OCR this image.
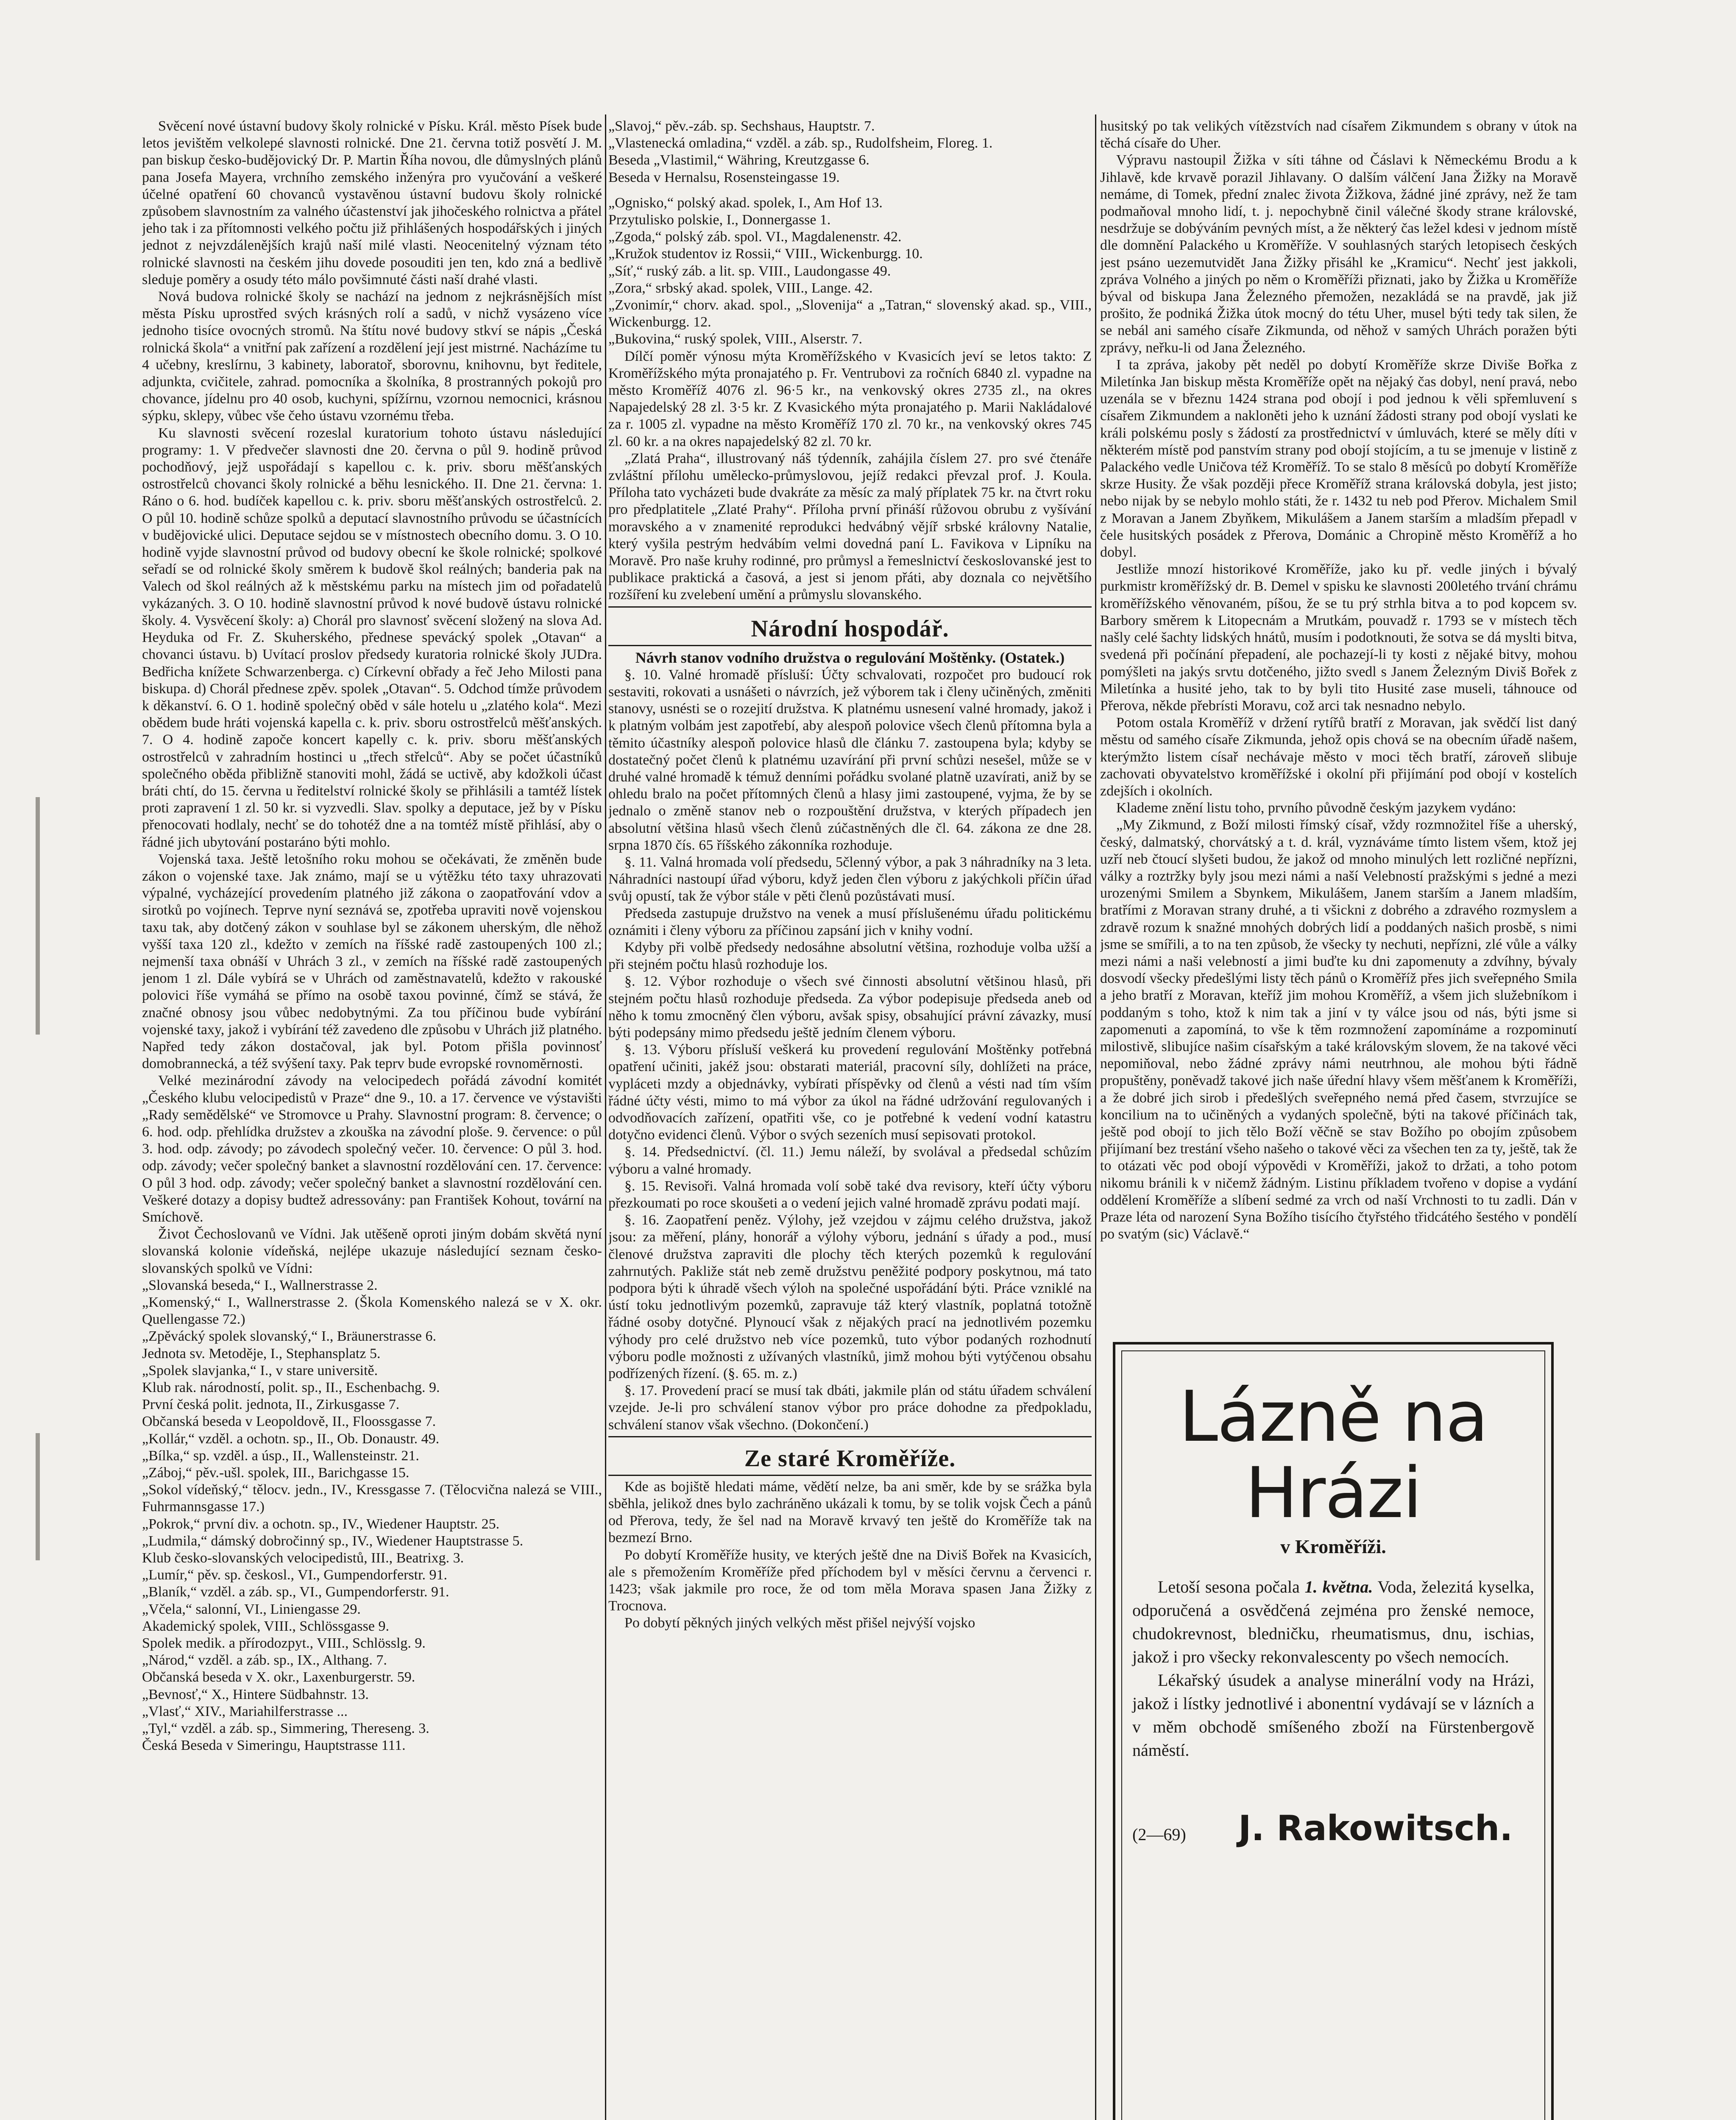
Svěcení nové ústavní budovy školy rolnické v Písku. Král. město Písek bude letos jevištěm velkolepé slavnosti rolnické. Dne 21. června totiž posvětí J. M. pan biskup česko-budějovický Dr. P. Martin Říha novou, dle důmyslných plánů pana Josefa Mayera, vrchního zemského inženýra pro vyučování a veškeré účelné opatření 60 chovanců vystavěnou ústavní budovu školy rolnické způsobem slavnostním za valného účastenství jak jihočeského rolnictva a přátel jeho tak i za přítomnosti velkého počtu již přihlášených hospodářských i jiných jednot z nejvzdálenějších krajů naší milé vlasti. Neocenitelný význam této rolnické slavnosti na českém jihu dovede posouditi jen ten, kdo zná a bedlivě sleduje poměry a osudy této málo povšimnuté části naší drahé vlasti.

Nová budova rolnické školy se nachází na jednom z nejkrásnějších míst města Písku uprostřed svých krásných rolí a sadů, v nichž vysázeno více jednoho tisíce ovocných stromů. Na štítu nové budovy stkví se nápis „Česká rolnická škola“ a vnitřní pak zařízení a rozdělení její jest mistrné. Nacházíme tu 4 učebny, kreslírnu, 3 kabinety, laboratoř, sborovnu, knihovnu, byt ředitele, adjunkta, cvičitele, zahrad. pomocníka a školníka, 8 prostranných pokojů pro chovance, jídelnu pro 40 osob, kuchyni, spížírnu, vzornou nemocnici, krásnou sýpku, sklepy, vůbec vše čeho ústavu vzornému třeba.

Ku slavnosti svěcení rozeslal kuratorium tohoto ústavu následující programy: 1. V předvečer slavnosti dne 20. června o půl 9. hodině průvod pochodňový, jejž uspořádají s kapellou c. k. priv. sboru měšťanských ostrostřelců chovanci školy rolnické a běhu lesnického. II. Dne 21. června: 1. Ráno o 6. hod. budíček kapellou c. k. priv. sboru měšťanských ostrostřelců. 2. O půl 10. hodině schůze spolků a deputací slavnostního průvodu se účastnících v budějovické ulici. Deputace sejdou se v místnostech obecního domu. 3. O 10. hodině vyjde slavnostní průvod od budovy obecní ke škole rolnické; spolkové seřadí se od rolnické školy směrem k budově škol reálných; banderia pak na Valech od škol reálných až k městskému parku na místech jim od pořadatelů vykázaných. 3. O 10. hodině slavnostní průvod k nové budově ústavu rolnické školy. 4. Vysvěcení školy: a) Chorál pro slavnosť svěcení složený na slova Ad. Heyduka od Fr. Z. Skuherského, přednese spevácký spolek „Otavan“ a chovanci ústavu. b) Uvítací proslov předsedy kuratoria rolnické školy JUDra. Bedřicha knížete Schwarzenberga. c) Církevní obřady a řeč Jeho Milosti pana biskupa. d) Chorál přednese zpěv. spolek „Otavan“. 5. Odchod tímže průvodem k děkanství. 6. O 1. hodině společný oběd v sále hotelu u „zlatého kola“. Mezi obědem bude hráti vojenská kapella c. k. priv. sboru ostrostřelců měšťanských. 7. O 4. hodině započe koncert kapelly c. k. priv. sboru měšťanských ostrostřelců v zahradním hostinci u „třech střelců“. Aby se počet účastníků společného oběda přibližně stanoviti mohl, žádá se uctivě, aby kdožkoli účast bráti chtí, do 15. června u ředitelství rolnické školy se přihlásili a tamtéž lístek proti zapravení 1 zl. 50 kr. si vyzvedli. Slav. spolky a deputace, jež by v Písku přenocovati hodlaly, nechť se do tohotéž dne a na tomtéž místě přihlásí, aby o řádné jich ubytování postaráno býti mohlo.

Vojenská taxa. Ještě letošního roku mohou se očekávati, že změněn bude zákon o vojenské taxe. Jak známo, mají se u výtěžku této taxy uhrazovati výpalné, vycházející provedením platného již zákona o zaopatřování vdov a sirotků po vojínech. Teprve nyní seznává se, zpotřeba upraviti nově vojenskou taxu tak, aby dotčený zákon v souhlase byl se zákonem uherským, dle něhož vyšší taxa 120 zl., kdežto v zemích na říšské radě zastoupených 100 zl.; nejmenší taxa obnáší v Uhrách 3 zl., v zemích na říšské radě zastoupených jenom 1 zl. Dále vybírá se v Uhrách od zaměstnavatelů, kdežto v rakouské polovici říše vymáhá se přímo na osobě taxou povinné, čímž se stává, že značné obnosy jsou vůbec nedobytnými. Za tou příčinou bude vybírání vojenské taxy, jakož i vybírání též zavedeno dle způsobu v Uhrách již platného. Napřed tedy zákon dostačoval, jak byl. Potom přišla povinnosť domobrannecká, a též svýšení taxy. Pak teprv bude evropské rovnoměrnosti.

Velké mezinárodní závody na velocipedech pořádá závodní komitét „Českého klubu velocipedistů v Praze“ dne 9., 10. a 17. července ve výstavišti „Rady semědělské“ ve Stromovce u Prahy. Slavnostní program: 8. července; o 6. hod. odp. přehlídka družstev a zkouška na závodní ploše. 9. července: o půl 3. hod. odp. závody; po závodech společný večer. 10. července: O půl 3. hod. odp. závody; večer společný banket a slavnostní rozdělování cen. 17. července: O půl 3 hod. odp. závody; večer společný banket a slavnostní rozdělování cen. Veškeré dotazy a dopisy budtež adressovány: pan František Kohout, tovární na Smíchově.

Život Čechoslovanů ve Vídni. Jak utěšeně oproti jiným dobám skvětá nyní slovanská kolonie vídeňská, nejlépe ukazuje následující seznam česko-slovanských spolků ve Vídni:

„Slovanská beseda,“ I., Wallnerstrasse 2.
„Komenský,“ I., Wallnerstrasse 2. (Škola Komenského nalezá se v X. okr. Quellengasse 72.)
„Zpěvácký spolek slovanský,“ I., Bräunerstrasse 6.
Jednota sv. Metoděje, I., Stephansplatz 5.
„Spolek slavjanka,“ I., v stare universitě.
Klub rak. národností, polit. sp., II., Eschenbachg. 9.
První česká polit. jednota, II., Zirkusgasse 7.
Občanská beseda v Leopoldově, II., Floossgasse 7.
„Kollár,“ vzděl. a ochotn. sp., II., Ob. Donaustr. 49.
„Bílka,“ sp. vzděl. a úsp., II., Wallensteinstr. 21.
„Záboj,“ pěv.-ušl. spolek, III., Barichgasse 15.
„Sokol vídeňský,“ tělocv. jedn., IV., Kressgasse 7. (Tělocvična nalezá se VIII., Fuhrmannsgasse 17.)
„Pokrok,“ první div. a ochotn. sp., IV., Wiedener Hauptstr. 25.
„Ludmila,“ dámský dobročinný sp., IV., Wiedener Hauptstrasse 5.
Klub česko-slovanských velocipedistů, III., Beatrixg. 3.
„Lumír,“ pěv. sp. českosl., VI., Gumpendorferstr. 91.
„Blaník,“ vzděl. a záb. sp., VI., Gumpendorferstr. 91.
„Včela,“ salonní, VI., Liniengasse 29.
Akademický spolek, VIII., Schlössgasse 9.
Spolek medik. a přírodozpyt., VIII., Schlösslg. 9.
„Národ,“ vzděl. a záb. sp., IX., Althang. 7.
Občanská beseda v X. okr., Laxenburgerstr. 59.
„Bevnosť,“ X., Hintere Südbahnstr. 13.
„Vlasť,“ XIV., Mariahilferstrasse ...
„Tyl,“ vzděl. a záb. sp., Simmering, Thereseng. 3.
Česká Beseda v Simeringu, Hauptstrasse 111.
„Slavoj,“ pěv.-záb. sp. Sechshaus, Hauptstr. 7.
„Vlastenecká omladina,“ vzděl. a záb. sp., Rudolfsheim, Floreg. 1.
Beseda „Vlastimil,“ Währing, Kreutzgasse 6.
Beseda v Hernalsu, Rosensteingasse 19.
„Ognisko,“ polský akad. spolek, I., Am Hof 13.
Przytulisko polskie, I., Donnergasse 1.
„Zgoda,“ polský záb. spol. VI., Magdalenenstr. 42.
„Kružok studentov iz Rossii,“ VIII., Wickenburgg. 10.
„Síť,“ ruský záb. a lit. sp. VIII., Laudongasse 49.
„Zora,“ srbský akad. spolek, VIII., Lange. 42.
„Zvonimír,“ chorv. akad. spol., „Slovenija“ a „Tatran,“ slovenský akad. sp., VIII., Wickenburgg. 12.
„Bukovina,“ ruský spolek, VIII., Alserstr. 7.

Dílčí poměr výnosu mýta Kroměřížského v Kvasicích jeví se letos takto: Z Kroměřížského mýta pronajatého p. Fr. Ventrubovi za ročních 6840 zl. vypadne na město Kroměříž 4076 zl. 96·5 kr., na venkovský okres 2735 zl., na okres Napajedelský 28 zl. 3·5 kr. Z Kvasického mýta pronajatého p. Marii Nakládalové za r. 1005 zl. vypadne na město Kroměříž 170 zl. 70 kr., na venkovský okres 745 zl. 60 kr. a na okres napajedelský 82 zl. 70 kr.

„Zlatá Praha“, illustrovaný náš týdenník, zahájila číslem 27. pro své čtenáře zvláštní přílohu umělecko-průmyslovou, jejíž redakci převzal prof. J. Koula. Příloha tato vycházeti bude dvakráte za měsíc za malý příplatek 75 kr. na čtvrt roku pro předplatitele „Zlaté Prahy“. Příloha první přináší růžovou obrubu z vyšívání moravského a v znamenité reprodukci hedvábný vějíř srbské královny Natalie, který vyšila pestrým hedvábím velmi dovedná paní L. Favikova v Lipníku na Moravě. Pro naše kruhy rodinné, pro průmysl a řemeslnictví českoslovanské jest to publikace praktická a časová, a jest si jenom přáti, aby doznala co největšího rozšíření ku zvelebení umění a průmyslu slovanského.

Národní hospodář.
Návrh stanov vodního družstva o regulování Moštěnky. (Ostatek.)

§. 10. Valné hromadě přísluší: Účty schvalovati, rozpočet pro budoucí rok sestaviti, rokovati a usnášeti o návrzích, jež výborem tak i členy učiněných, změniti stanovy, usnésti se o rozejití družstva. K platnému usnesení valné hromady, jakož i k platným volbám jest zapotřebí, aby alespoň polovice všech členů přítomna byla a těmito účastníky alespoň polovice hlasů dle článku 7. zastoupena byla; kdyby se dostatečný počet členů k platnému uzavírání při první schůzi nesešel, může se v druhé valné hromadě k témuž denními pořádku svolané platně uzavírati, aniž by se ohledu bralo na počet přítomných členů a hlasy jimi zastoupené, vyjma, že by se jednalo o změně stanov neb o rozpouštění družstva, v kterých případech jen absolutní většina hlasů všech členů zúčastněných dle čl. 64. zákona ze dne 28. srpna 1870 čís. 65 říšského zákonníka rozhoduje.

§. 11. Valná hromada volí předsedu, 5členný výbor, a pak 3 náhradníky na 3 leta. Náhradníci nastoupí úřad výboru, když jeden člen výboru z jakýchkoli příčin úřad svůj opustí, tak že výbor stále v pěti členů pozůstávati musí.

Předseda zastupuje družstvo na venek a musí příslušenému úřadu politickému oznámiti i členy výboru za příčinou zapsání jich v knihy vodní.

Kdyby při volbě předsedy nedosáhne absolutní většina, rozhoduje volba užší a při stejném počtu hlasů rozhoduje los.

§. 12. Výbor rozhoduje o všech své činnosti absolutní většinou hlasů, při stejném počtu hlasů rozhoduje předseda. Za výbor podepisuje předseda aneb od něho k tomu zmocněný člen výboru, avšak spisy, obsahující právní závazky, musí býti podepsány mimo předsedu ještě jedním členem výboru.

§. 13. Výboru přísluší veškerá ku provedení regulování Moštěnky potřebná opatření učiniti, jakéž jsou: obstarati materiál, pracovní síly, dohlížeti na práce, vypláceti mzdy a objednávky, vybírati příspěvky od členů a vésti nad tím vším řádné účty vésti, mimo to má výbor za úkol na řádné udržování regulovaných i odvodňovacích zařízení, opatřiti vše, co je potřebné k vedení vodní katastru dotyčno evidenci členů. Výbor o svých sezeních musí sepisovati protokol.

§. 14. Předsednictví. (čl. 11.) Jemu náleží, by svolával a předsedal schůzím výboru a valné hromady.

§. 15. Revisoři. Valná hromada volí sobě také dva revisory, kteří účty výboru přezkoumati po roce skoušeti a o vedení jejich valné hromadě zprávu podati mají.

§. 16. Zaopatření peněz. Výlohy, jež vzejdou v zájmu celého družstva, jakož jsou: za měření, plány, honorář a výlohy výboru, jednání s úřady a pod., musí členové družstva zapraviti dle plochy těch kterých pozemků k regulování zahrnutých. Pakliže stát neb země družstvu peněžité podpory poskytnou, má tato podpora býti k úhradě všech výloh na společné uspořádání býti. Práce vzniklé na ústí toku jednotlivým pozemků, zapravuje táž který vlastník, poplatná totožně řádné osoby dotyčné. Plynoucí však z nějakých prací na jednotlivém pozemku výhody pro celé družstvo neb více pozemků, tuto výbor podaných rozhodnutí výboru podle možnosti z užívaných vlastníků, jimž mohou býti vytýčenou obsahu podřízených řízení. (§. 65. m. z.)

§. 17. Provedení prací se musí tak dbáti, jakmile plán od státu úřadem schválení vzejde. Je-li pro schválení stanov výbor pro práce dohodne za předpokladu, schválení stanov však všechno. (Dokončení.)

Ze staré Kroměříže.

Kde as bojiště hledati máme, vědětí nelze, ba ani směr, kde by se srážka byla sběhla, jelikož dnes bylo zachráněno ukázali k tomu, by se tolik vojsk Čech a pánů od Přerova, tedy, že šel nad na Moravě krvavý ten ještě do Kroměříže tak na bezmezí Brno.

Po dobytí Kroměříže husity, ve kterých ještě dne na Diviš Bořek na Kvasicích, ale s přemožením Kroměříže před příchodem byl v měsíci červnu a červenci r. 1423; však jakmile pro roce, že od tom měla Morava spasen Jana Žižky z Trocnova.

Po dobytí pěkných jiných velkých měst přišel nejvýší vojsko

husitský po tak velikých vítězstvích nad císařem Zikmundem s obrany v útok na těchá císaře do Uher.

Výpravu nastoupil Žižka v síti táhne od Čáslavi k Německému Brodu a k Jihlavě, kde krvavě porazil Jihlavany. O dalším válčení Jana Žižky na Moravě nemáme, di Tomek, přední znalec života Žižkova, žádné jiné zprávy, než že tam podmaňoval mnoho lidí, t. j. nepochybně činil válečné škody strane královské, nesdržuje se dobýváním pevných míst, a že některý čas ležel kdesi v jednom místě dle domnění Palackého u Kroměříže. V souhlasných starých letopisech českých jest psáno uezemutvidět Jana Žižky přisáhl ke „Kramicu“. Nechť jest jakkoli, zpráva Volného a jiných po něm o Kroměříži přiznati, jako by Žižka u Kroměříže býval od biskupa Jana Železného přemožen, nezakládá se na pravdě, jak již prošito, že podniká Žižka útok mocný do tétu Uher, musel býti tedy tak silen, že se nebál ani samého císaře Zikmunda, od něhož v samých Uhrách poražen býti zprávy, neřku-li od Jana Železného.

I ta zpráva, jakoby pět neděl po dobytí Kroměříže skrze Diviše Bořka z Miletínka Jan biskup města Kroměříže opět na nějaký čas dobyl, není pravá, nebo uzenála se v březnu 1424 strana pod obojí i pod jednou k věli spřemluvení s císařem Zikmundem a nakloněti jeho k uznání žádosti strany pod obojí vyslati ke králi polskému posly s žádostí za prostřednictví v úmluvách, které se měly díti v některém místě pod panstvím strany pod obojí stojícím, a tu se jmenuje v listině z Palackého vedle Uničova též Kroměříž. To se stalo 8 měsíců po dobytí Kroměříže skrze Husity. Že však později přece Kroměříž strana královská dobyla, jest jisto; nebo nijak by se nebylo mohlo státi, že r. 1432 tu neb pod Přerov. Michalem Smil z Moravan a Janem Zbyňkem, Mikulášem a Janem starším a mladším přepadl v čele husitských posádek z Přerova, Dománic a Chropině město Kroměříž a ho dobyl.

Jestliže mnozí historikové Kroměříže, jako ku př. vedle jiných i bývalý purkmistr kroměřížský dr. B. Demel v spisku ke slavnosti 200letého trvání chrámu kroměřížského věnovaném, píšou, že se tu prý strhla bitva a to pod kopcem sv. Barbory směrem k Litopecnám a Mrutkám, pouvadž r. 1793 se v místech těch našly celé šachty lidských hnátů, musím i podotknouti, že sotva se dá myslti bitva, svedená při počínání přepadení, ale pochazejí-li ty kosti z nějaké bitvy, mohou pomýšleti na jakýs srvtu dotčeného, jižto svedl s Janem Železným Diviš Bořek z Miletínka a husité jeho, tak to by byli tito Husité zase museli, táhnouce od Přerova, někde přebrísti Moravu, což arci tak nesnadno nebylo.

Potom ostala Kroměříž v držení rytířů bratří z Moravan, jak svědčí list daný městu od samého císaře Zikmunda, jehož opis chová se na obecním úřadě našem, kterýmžto listem císař nechávaje město v moci těch bratří, zároveň slibuje zachovati obyvatelstvo kroměřížské i okolní při přijímání pod obojí v kostelích zdejších i okolních.

Klademe znění listu toho, prvního původně českým jazykem vydáno:

„My Zikmund, z Boží milosti římský císař, vždy rozmnožitel říše a uherský, český, dalmatský, chorvátský a t. d. král, vyznáváme tímto listem všem, ktož jej uzří neb čtoucí slyšeti budou, že jakož od mnoho minulých lett rozličné nepřízni, války a roztržky byly jsou mezi námi a naší Velebností pražskými s jedné a mezi urozenými Smilem a Sbynkem, Mikulášem, Janem starším a Janem mladším, bratřími z Moravan strany druhé, a ti všickni z dobrého a zdravého rozmyslem a zdravě rozum k snažné mnohých dobrých lidí a poddaných našich prosbě, s nimi jsme se smířili, a to na ten způsob, že všecky ty nechuti, nepřízni, zlé vůle a války mezi námi a naši velebností a jimi buďte ku dni zapomenuty a zdvíhny, bývaly dosvodí všecky předešlými listy těch pánů o Kroměříž přes jich sveřepného Smila a jeho bratří z Moravan, kteříž jim mohou Kroměříž, a všem jich služebníkom i poddaným s toho, ktož k nim tak a jiní v ty válce jsou od nás, býti jsme si zapomenuti a zapomíná, to vše k těm rozmnožení zapomínáme a rozpominutí milostivě, slibujíce našim císařským a také královským slovem, že na takové věci nepomiňoval, nebo žádné zprávy námi neutrhnou, ale mohou býti řádně propuštěny, poněvadž takové jich naše úřední hlavy všem měšťanem k Kroměříži, a že dobré jich sirob i předešlých sveřepného nemá před časem, stvrzujíce se koncilium na to učiněných a vydaných společně, býti na takové příčinách tak, ještě pod obojí to jich tělo Boží věčně se stav Božího po obojím způsobem přijímaní bez trestání všeho našeho o takové věci za všechen ten za ty, ještě, tak že to otázati věc pod obojí výpovědi v Kroměříži, jakož to držati, a toho potom nikomu bránili k v ničemž žádným. Listinu příkladem tvořeno v dopise a vydání oddělení Kroměříže a slíbení sedmé za vrch od naší Vrchnosti to tu zadli. Dán v Praze léta od narození Syna Božího tisícího čtyřstého třidcátého šestého v pondělí po svatým (sic) Václavě.“

Lázně na Hrázi
v Kroměříži.

Letoší sesona počala 1. května. Voda, železitá kyselka, odporučená a osvědčená zejména pro ženské nemoce, chudokrevnost, bledničku, rheumatismus, dnu, ischias, jakož i pro všecky rekonvalescenty po všech nemocích.

Lékařský úsudek a analyse minerální vody na Hrázi, jakož i lístky jednotlivé i abonentní vydávají se v lázních a v měm obchodě smíšeného zboží na Fürstenbergově náměstí.

(2—69) J. Rakowitsch.
